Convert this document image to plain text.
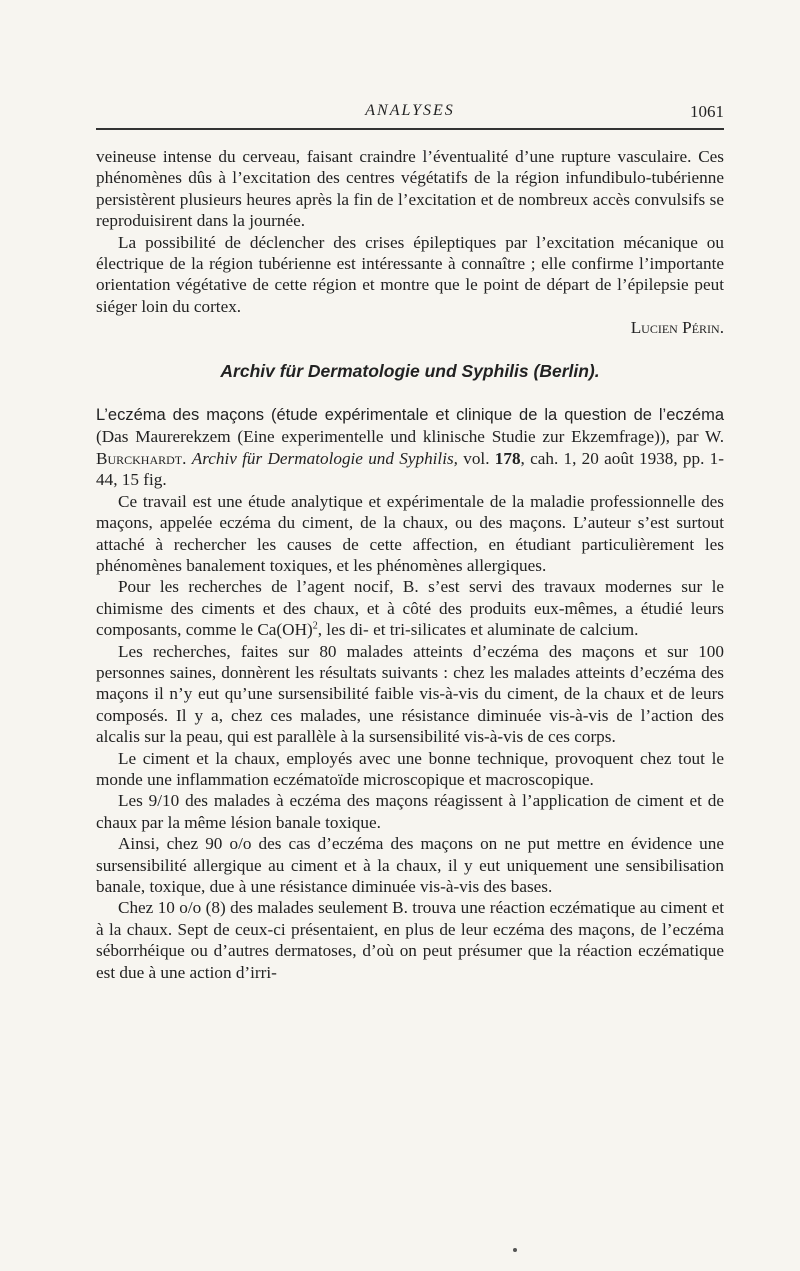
ANALYSES	1061

veineuse intense du cerveau, faisant craindre l’éventualité d’une rupture vasculaire. Ces phénomènes dûs à l’excitation des centres végétatifs de la région infundibulo-tubérienne persistèrent plusieurs heures après la fin de l’excitation et de nombreux accès convulsifs se reproduisirent dans la journée.

La possibilité de déclencher des crises épileptiques par l’excitation mécanique ou électrique de la région tubérienne est intéressante à connaître ; elle confirme l’importante orientation végétative de cette région et montre que le point de départ de l’épilepsie peut siéger loin du cortex.

Lucien Périn.

Archiv für Dermatologie und Syphilis (Berlin).

L’eczéma des maçons (étude expérimentale et clinique de la question de l’eczéma (Das Maurerekzem (Eine experimentelle und klinische Studie zur Ekzemfrage)), par W. Burckhardt. Archiv für Dermatologie und Syphilis, vol. 178, cah. 1, 20 août 1938, pp. 1-44, 15 fig.

Ce travail est une étude analytique et expérimentale de la maladie professionnelle des maçons, appelée eczéma du ciment, de la chaux, ou des maçons. L’auteur s’est surtout attaché à rechercher les causes de cette affection, en étudiant particulièrement les phénomènes banalement toxiques, et les phénomènes allergiques.

Pour les recherches de l’agent nocif, B. s’est servi des travaux modernes sur le chimisme des ciments et des chaux, et à côté des produits eux-mêmes, a étudié leurs composants, comme le Ca(OH)$^2$, les di- et tri-silicates et aluminate de calcium.

Les recherches, faites sur 80 malades atteints d’eczéma des maçons et sur 100 personnes saines, donnèrent les résultats suivants : chez les malades atteints d’eczéma des maçons il n’y eut qu’une sursensibilité faible vis-à-vis du ciment, de la chaux et de leurs composés. Il y a, chez ces malades, une résistance diminuée vis-à-vis de l’action des alcalis sur la peau, qui est parallèle à la sursensibilité vis-à-vis de ces corps.

Le ciment et la chaux, employés avec une bonne technique, provoquent chez tout le monde une inflammation eczématoïde microscopique et macroscopique.

Les 9/10 des malades à eczéma des maçons réagissent à l’application de ciment et de chaux par la même lésion banale toxique.

Ainsi, chez 90 o/o des cas d’eczéma des maçons on ne put mettre en évidence une sursensibilité allergique au ciment et à la chaux, il y eut uniquement une sensibilisation banale, toxique, due à une résistance diminuée vis-à-vis des bases.

Chez 10 o/o (8) des malades seulement B. trouva une réaction eczématique au ciment et à la chaux. Sept de ceux-ci présentaient, en plus de leur eczéma des maçons, de l’eczéma séborrhéique ou d’autres dermatoses, d’où on peut présumer que la réaction eczématique est due à une action d’irri-
